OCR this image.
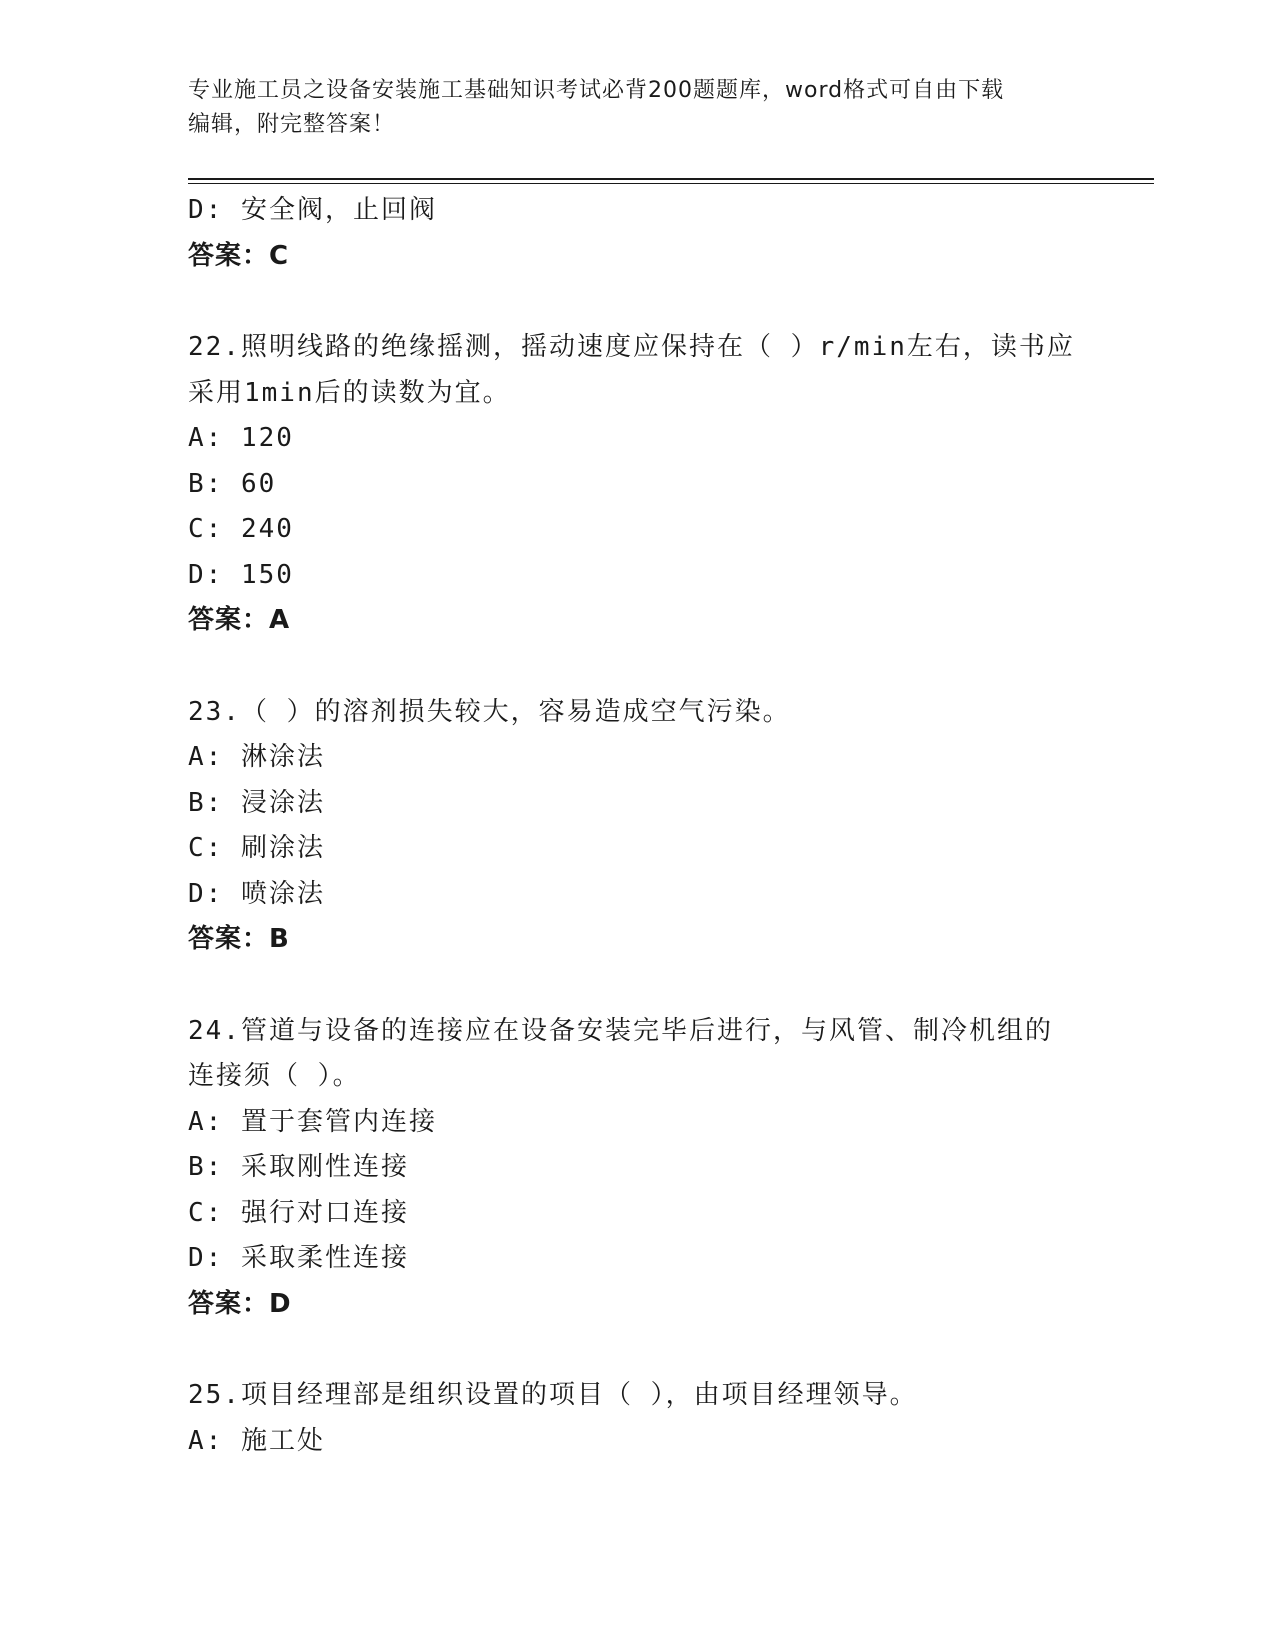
专业施工员之设备安装施工基础知识考试必背200题题库，word格式可自由下载
编辑，附完整答案！
D: 安全阀，止回阀
答案：C
22.照明线路的绝缘摇测，摇动速度应保持在（ ）r/min左右，读书应
采用1min后的读数为宜。
A: 120
B: 60
C: 240
D: 150
答案：A
23.（ ）的溶剂损失较大，容易造成空气污染。
A: 淋涂法
B: 浸涂法
C: 刷涂法
D: 喷涂法
答案：B
24.管道与设备的连接应在设备安装完毕后进行，与风管、制冷机组的
连接须（ ）。
A: 置于套管内连接
B: 采取刚性连接
C: 强行对口连接
D: 采取柔性连接
答案：D
25.项目经理部是组织设置的项目（ ），由项目经理领导。
A: 施工处
